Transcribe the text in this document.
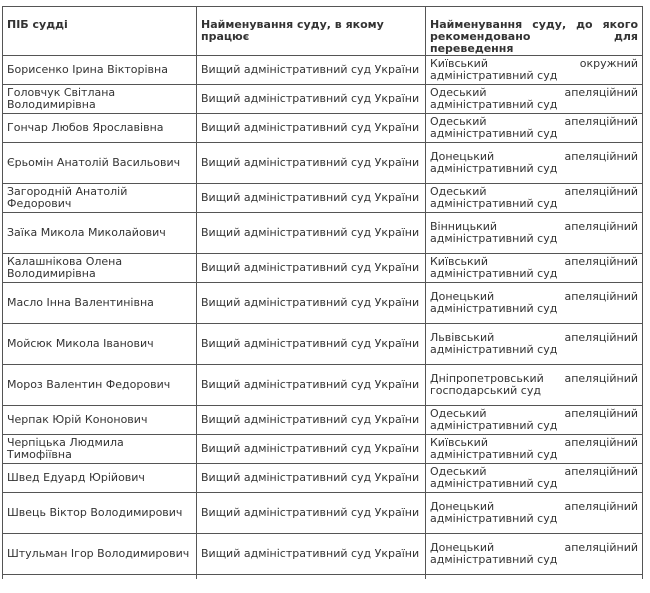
ПІБ судді	Найменування суду, в якому працює	Найменування суду, до якого рекомендовано для переведення
Борисенко Ірина Вікторівна	Вищий адміністративний суд України	Київський окружний адміністративний суд
Головчук Світлана Володимирівна	Вищий адміністративний суд України	Одеський апеляційний адміністративний суд
Гончар Любов Ярославівна	Вищий адміністративний суд України	Одеський апеляційний адміністративний суд
Єрьомін Анатолій Васильович	Вищий адміністративний суд України	Донецький апеляційний адміністративний суд
Загородній Анатолій Федорович	Вищий адміністративний суд України	Одеський апеляційний адміністративний суд
Заїка Микола Миколайович	Вищий адміністративний суд України	Вінницький апеляційний адміністративний суд
Калашнікова Олена Володимирівна	Вищий адміністративний суд України	Київський апеляційний адміністративний суд
Масло Інна Валентинівна	Вищий адміністративний суд України	Донецький апеляційний адміністративний суд
Мойсюк Микола Іванович	Вищий адміністративний суд України	Львівський апеляційний адміністративний суд
Мороз Валентин Федорович	Вищий адміністративний суд України	Дніпропетровський апеляційний господарський суд
Черпак Юрій Кононович	Вищий адміністративний суд України	Одеський апеляційний адміністративний суд
Черпіцька Людмила Тимофіївна	Вищий адміністративний суд України	Київський апеляційний адміністративний суд
Швед Едуард Юрійович	Вищий адміністративний суд України	Одеський апеляційний адміністративний суд
Швець Віктор Володимирович	Вищий адміністративний суд України	Донецький апеляційний адміністративний суд
Штульман Ігор Володимирович	Вищий адміністративний суд України	Донецький апеляційний адміністративний суд
